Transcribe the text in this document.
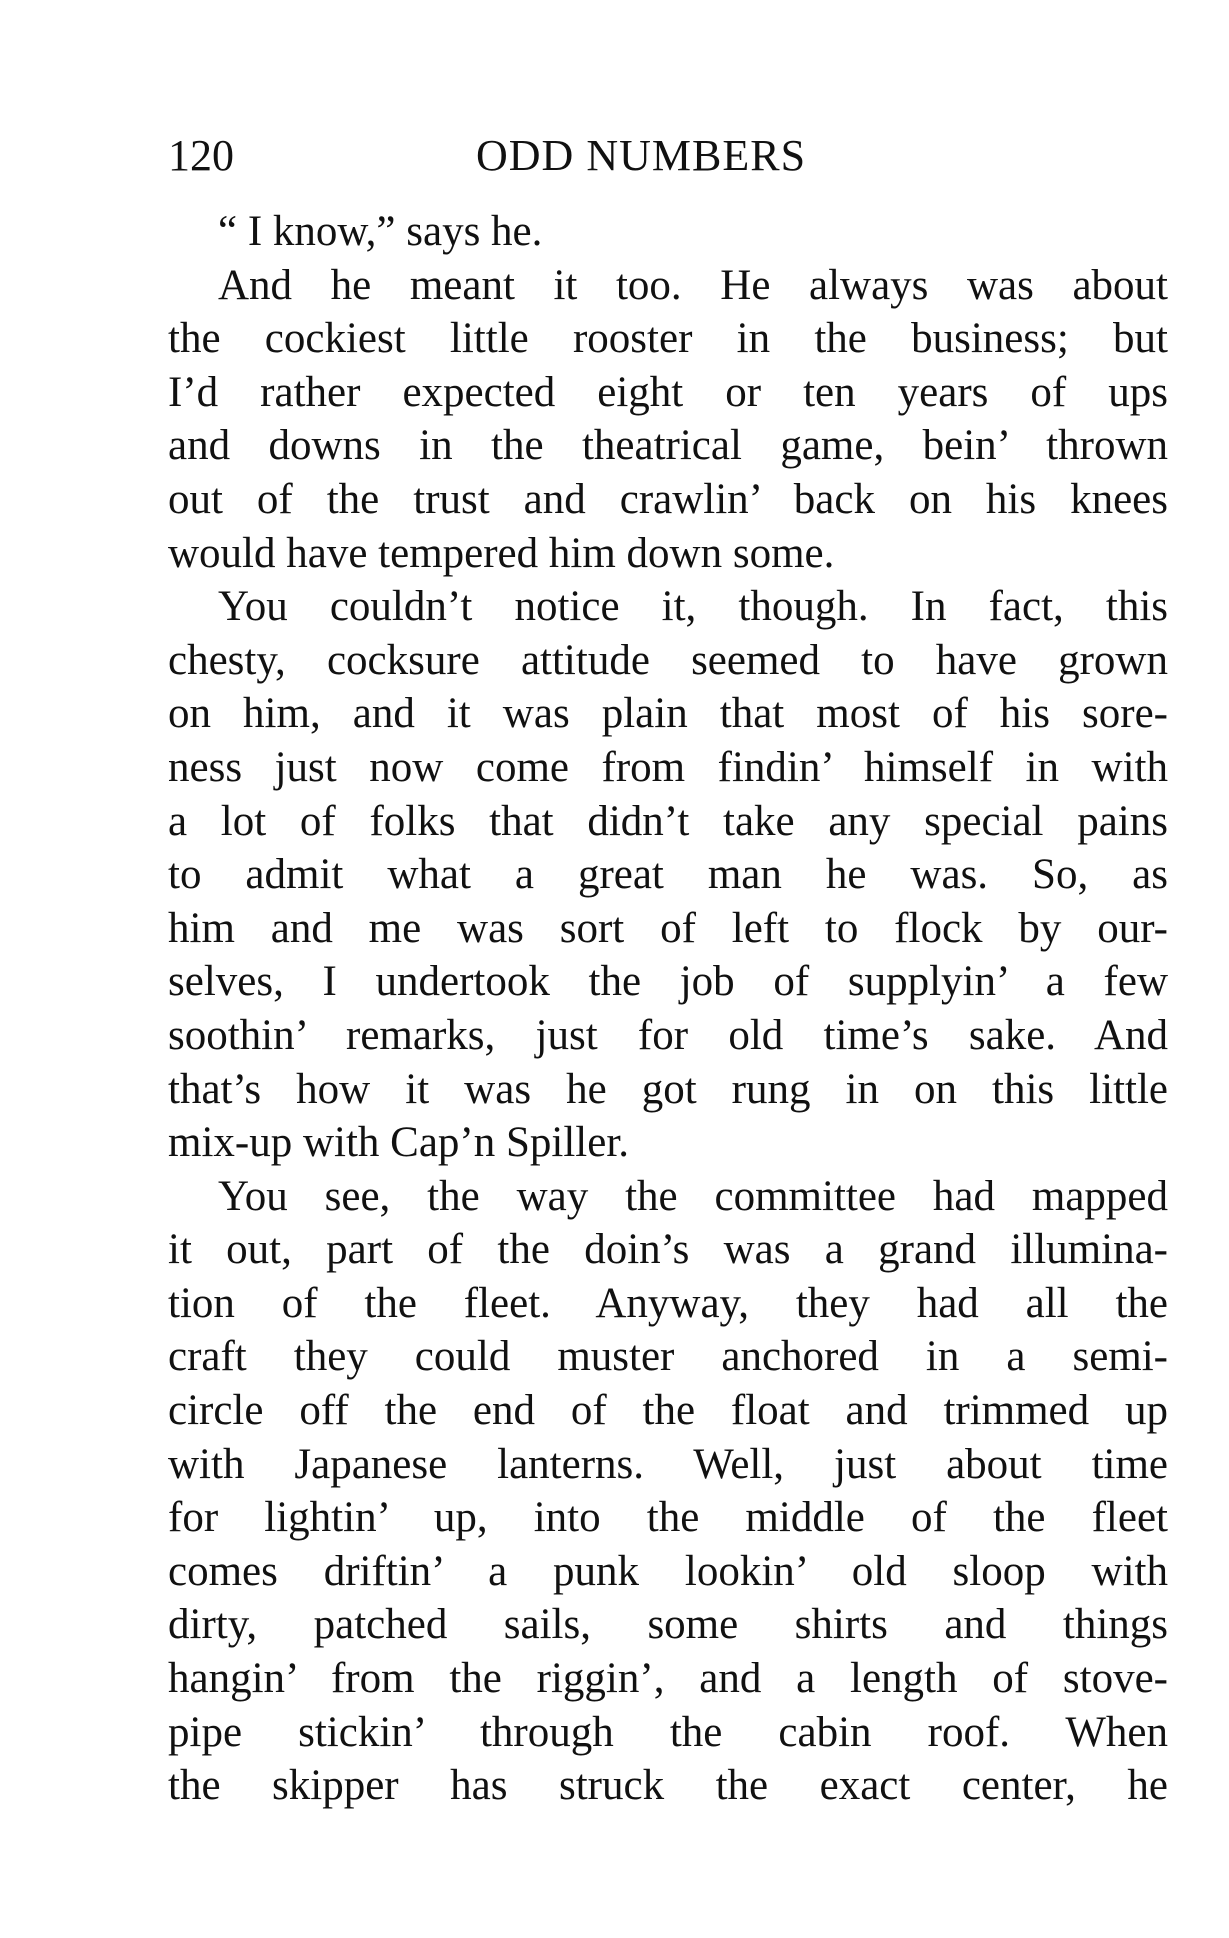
120	ODD NUMBERS
“ I know,” says he.
And he meant it too. He always was about
the cockiest little rooster in the business; but
I’d rather expected eight or ten years of ups
and downs in the theatrical game, bein’ thrown
out of the trust and crawlin’ back on his knees
would have tempered him down some.
You couldn’t notice it, though. In fact, this
chesty, cocksure attitude seemed to have grown
on him, and it was plain that most of his sore-
ness just now come from findin’ himself in with
a lot of folks that didn’t take any special pains
to admit what a great man he was. So, as
him and me was sort of left to flock by our-
selves, I undertook the job of supplyin’ a few
soothin’ remarks, just for old time’s sake. And
that’s how it was he got rung in on this little
mix-up with Cap’n Spiller.
You see, the way the committee had mapped
it out, part of the doin’s was a grand illumina-
tion of the fleet. Anyway, they had all the
craft they could muster anchored in a semi-
circle off the end of the float and trimmed up
with Japanese lanterns. Well, just about time
for lightin’ up, into the middle of the fleet
comes driftin’ a punk lookin’ old sloop with
dirty, patched sails, some shirts and things
hangin’ from the riggin’, and a length of stove-
pipe stickin’ through the cabin roof. When
the skipper has struck the exact center, he
